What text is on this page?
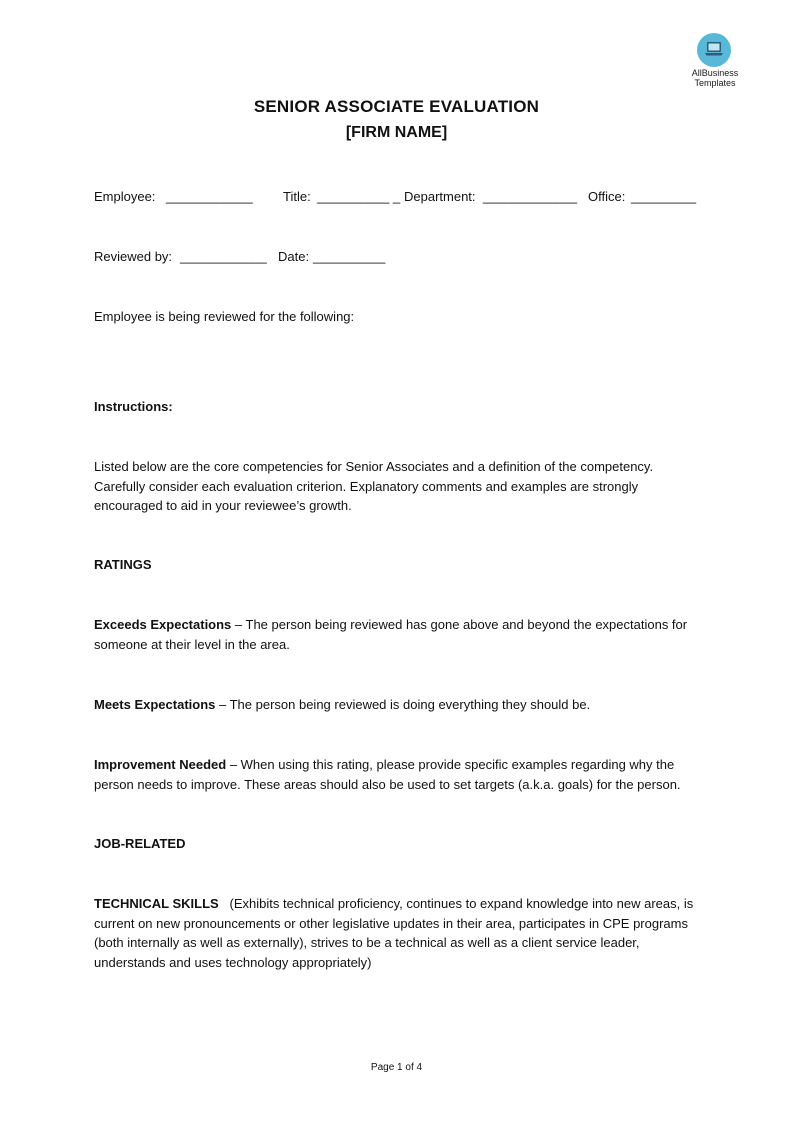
AllBusiness
Templates
SENIOR ASSOCIATE EVALUATION
[FIRM NAME]
Employee: ____________ Title: __________ _ Department: _____________ Office: _________
Reviewed by: ____________ Date: __________
Employee is being reviewed for the following:
Instructions:
Listed below are the core competencies for Senior Associates and a definition of the competency. Carefully consider each evaluation criterion. Explanatory comments and examples are strongly encouraged to aid in your reviewee’s growth.
RATINGS
Exceeds Expectations – The person being reviewed has gone above and beyond the expectations for someone at their level in the area.
Meets Expectations – The person being reviewed is doing everything they should be.
Improvement Needed – When using this rating, please provide specific examples regarding why the person needs to improve. These areas should also be used to set targets (a.k.a. goals) for the person.
JOB-RELATED
TECHNICAL SKILLS   (Exhibits technical proficiency, continues to expand knowledge into new areas, is current on new pronouncements or other legislative updates in their area, participates in CPE programs (both internally as well as externally), strives to be a technical as well as a client service leader, understands and uses technology appropriately)
Page 1 of 4
